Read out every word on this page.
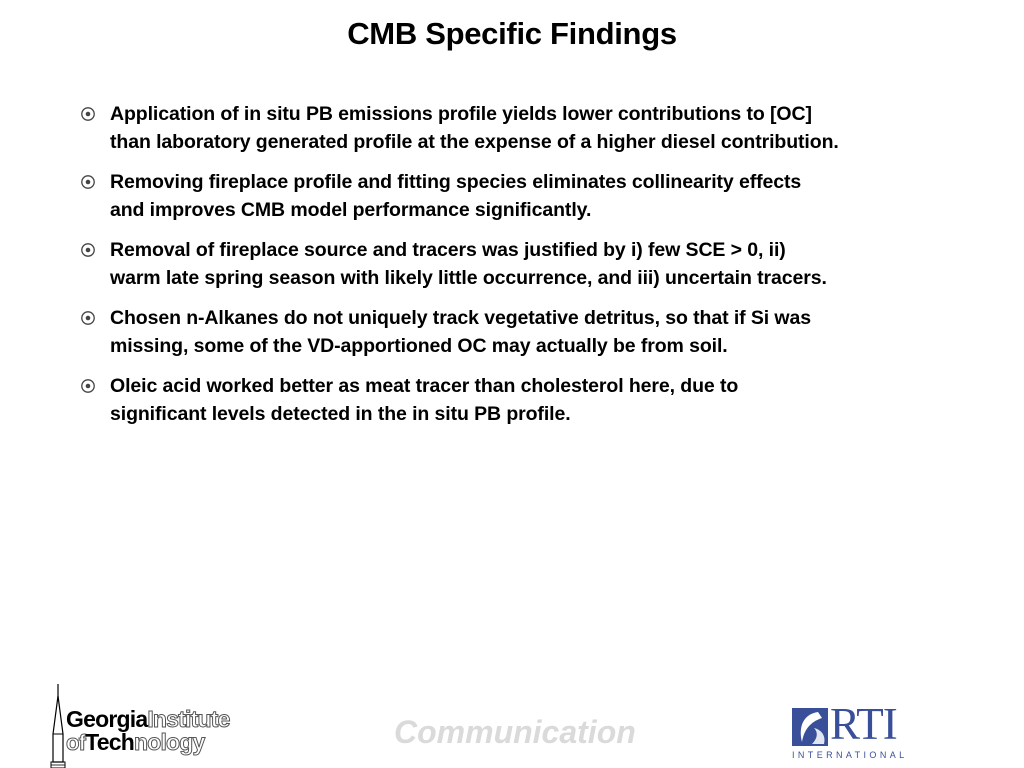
CMB Specific Findings
Application of in situ PB emissions profile yields lower contributions to [OC]
than laboratory generated profile at the expense of a higher diesel contribution.
Removing fireplace profile and fitting species eliminates collinearity effects
and improves CMB model performance significantly.
Removal of fireplace source and tracers was justified by i) few SCE > 0, ii)
warm late spring season with likely little occurrence, and iii) uncertain tracers.
Chosen n-Alkanes do not uniquely track vegetative detritus, so that if Si was
missing, some of the VD-apportioned OC may actually be from soil.
Oleic acid worked better as meat tracer than cholesterol here, due to
significant levels detected in the in situ PB profile.
GeorgiaInstitute
ofTechnology	Communication	RTI
INTERNATIONAL
